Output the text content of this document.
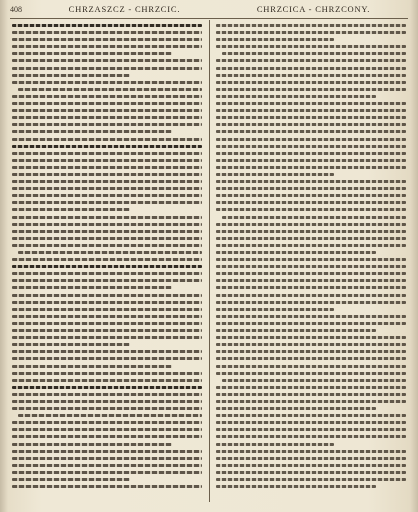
408	CHRZASZCZ - CHRZCIC.	CHRZCICA - CHRZCONY.
